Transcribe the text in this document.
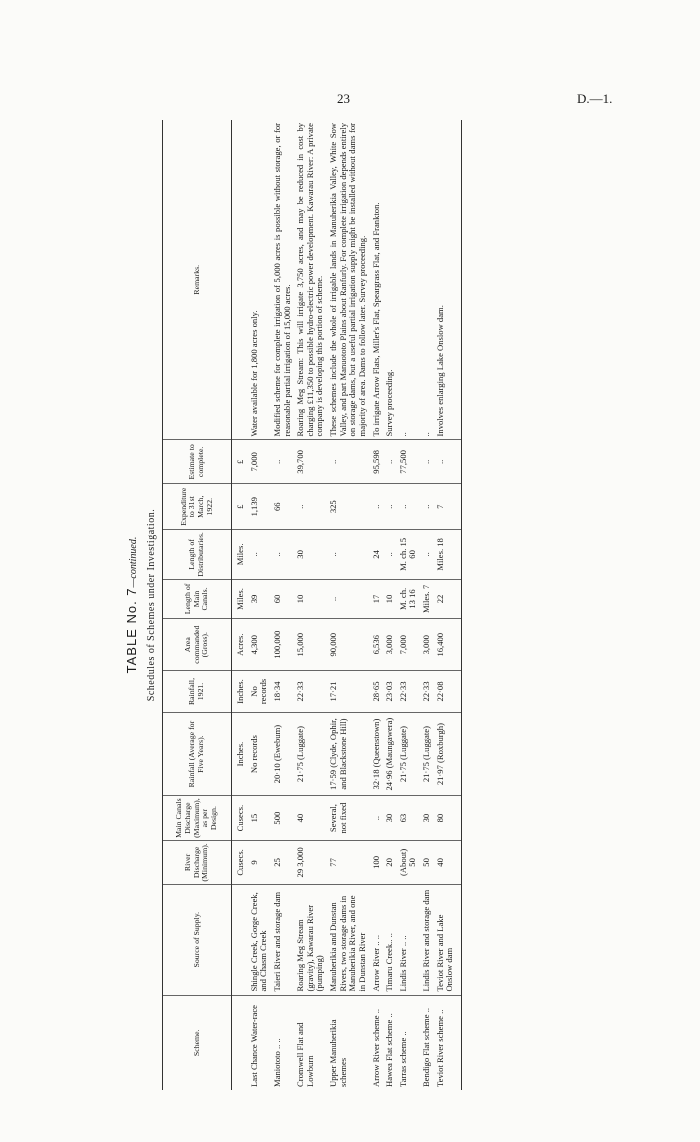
23	D.—1.
TABLE No. 7—continued. Schedules of Schemes under Investigation.
Scheme.	Source of Supply.	River Discharge (Minimum).	Main Canals Discharge (Maximum), as per Design.	Rainfall (Average for Five Years).	Rainfall, 1921.	Area commanded (Gross).	Length of Main Canals.	Length of Distributaries.	Expenditure to 31st March, 1922.	Estimate to complete.	Remarks.
		Cusecs.	Cusecs.	Inches.	Inches.	Acres.	Miles.	Miles.	£	£	
Last Chance Water-race	Shingle Creek, Gorge Creek, and Chasm Creek	9	15	No records	No records	4,300	39	..	1,139	7,000	Water available for 1,800 acres only.
Maniototo .. ..	Taieri River and storage dam	25	500	20·10 (Ewebum)	18·34	100,000	60	..	66	..	Modified scheme for complete irrigation of 5,000 acres is possible without storage, or for reasonable partial irrigation of 15,000 acres.
Cromwell Flat and Lowburn	Roaring Meg Stream (gravity), Kawarau River (pumping)	29 3,000	40	21·75 (Luggate)	22·33	15,000	10	30	..	39,700	Roaring Meg Stream: This will irrigate 3,750 acres, and may be reduced in cost by charging £11,350 to possible hydro-electric power development. Kawarau River: A private company is developing this portion of scheme.
Upper Manuherikia schemes	Manuherikia and Dunstan Rivers, two storage dams in Manuherikia River, and one in Dunstan River	77	Several, not fixed	17·59 (Clyde, Ophir, and Blackstone Hill)	17·21	90,000	..	..	325	..	These schemes include the whole of irrigable lands in Manuherikia Valley, White Sow Valley, and part Manuototo Plains about Ranfurly. For complete irrigation depends entirely on storage dams, but a useful partial irrigation supply might be installed without dams for majority of area. Dams to follow later. Survey proceeding.
Arrow River scheme ..	Arrow River .. ..	100	..	32·18 (Queenstown)	28·65	6,536	17	24	..	95,598	To irrigate Arrow Flats, Miller's Flat, Speargrass Flat, and Frankton.
Hawea Flat scheme ..	Timaru Creek.. ..	20	30	24·96 (Maungawera)	23·03	3,000	10	..	..	..	Survey proceeding.
Tarras scheme ..	Lindis River .. ..	(About) 50	63	21·75 (Luggate)	22·33	7,000	M. ch. 13 16	M. ch. 15 60	..	77,500	..
Bendigo Flat scheme ..	Lindis River and storage dam	50	30	21·75 (Luggate)	22·33	3,000	Miles. 7	..	..	..	..
Teviot River scheme ..	Teviot River and Lake Onslow dam	40	80	21·97 (Roxburgh)	22·08	16,400	22	Miles. 18	7	..	Involves enlarging Lake Onslow dam.
